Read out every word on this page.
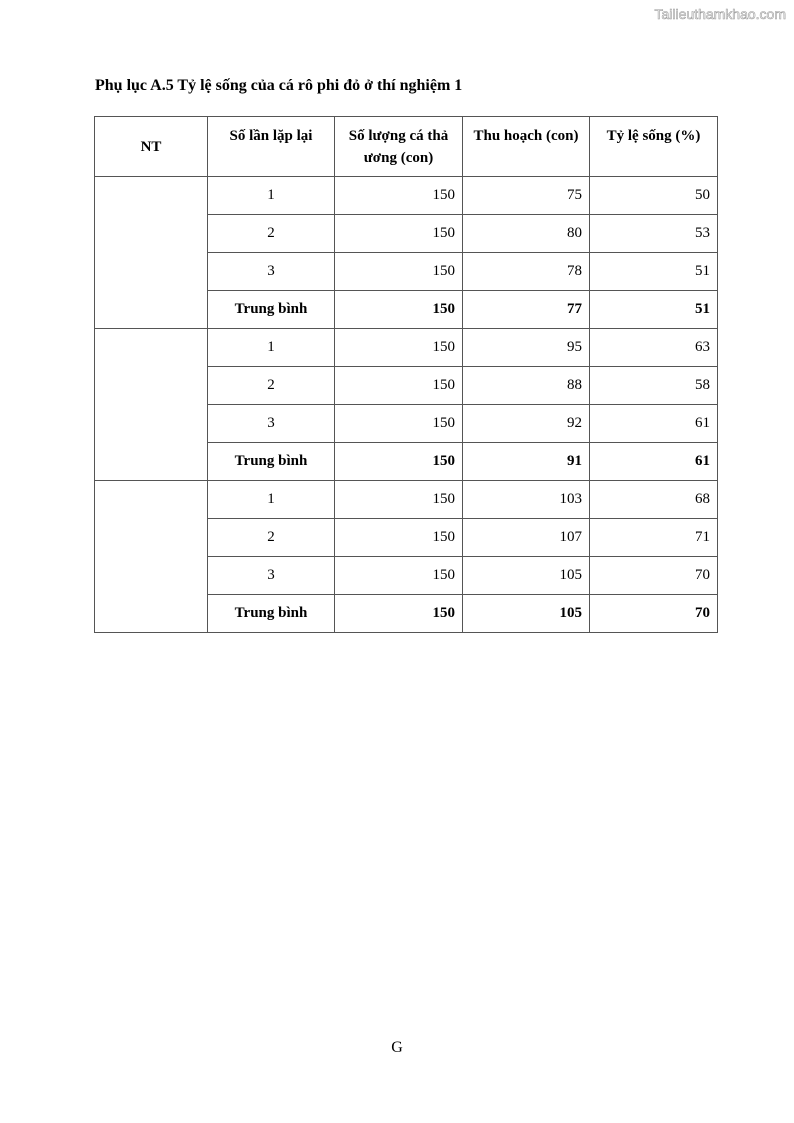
Tailieuthamkhao.com
Phụ lục A.5 Tỷ lệ sống của cá rô phi đỏ ở thí nghiệm 1
NT	Số lần lặp lại	Số lượng cá thả ương (con)	Thu hoạch (con)	Tỷ lệ sống (%)
	1	150	75	50
	2	150	80	53
	3	150	78	51
	Trung bình	150	77	51
	1	150	95	63
	2	150	88	58
	3	150	92	61
	Trung bình	150	91	61
	1	150	103	68
	2	150	107	71
	3	150	105	70
	Trung bình	150	105	70
G
